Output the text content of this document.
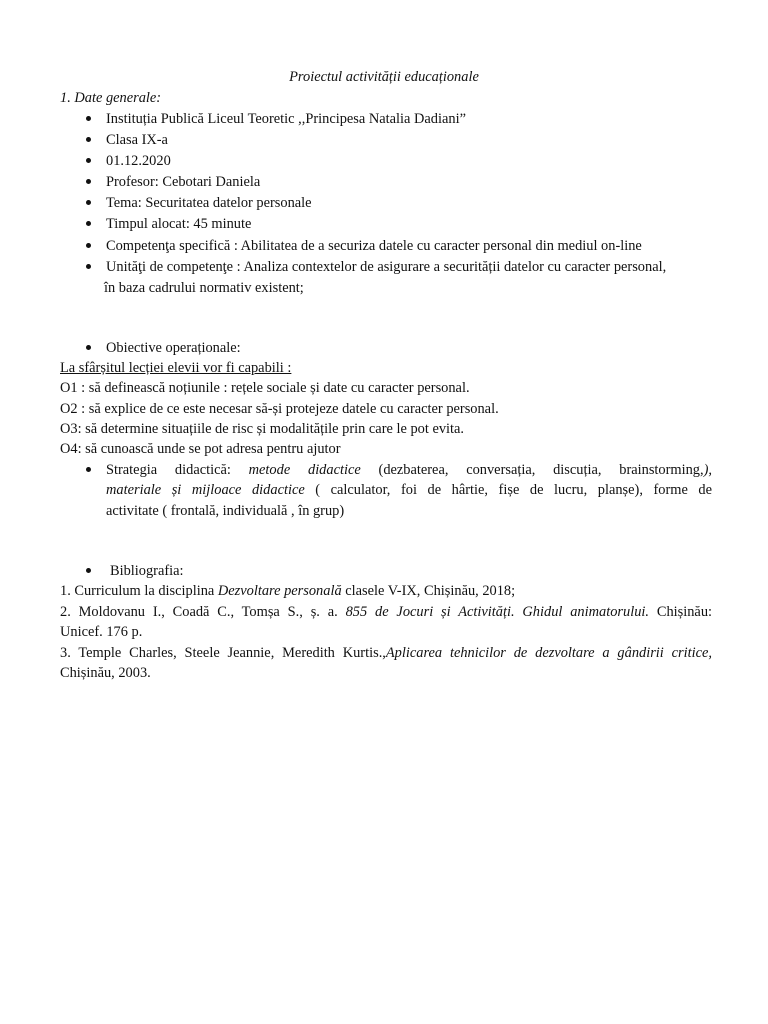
Proiectul activității educaționale
1. Date generale:
Instituția Publică Liceul Teoretic ,,Principesa Natalia Dadiani”
Clasa IX-a
01.12.2020
Profesor: Cebotari Daniela
Tema: Securitatea datelor personale
Timpul alocat: 45 minute
Competenţa specifică : Abilitatea de a securiza datele cu caracter personal din mediul on-line
Unităţi de competenţe : Analiza contextelor de asigurare a securității datelor cu caracter personal,
în baza cadrului normativ existent;
Obiective operaționale:
La sfârșitul lecției elevii vor fi capabili :
O1 : să definească noțiunile : rețele sociale și date cu caracter personal.
O2 : să explice de ce este necesar să-și protejeze datele cu caracter personal.
O3: să determine situațiile de risc și modalitățile prin care le pot evita.
O4: să cunoască unde se pot adresa pentru ajutor
Strategia didactică: metode didactice (dezbaterea, conversația, discuția, brainstorming,),
materiale și mijloace didactice ( calculator, foi de hârtie, fișe de lucru, planșe), forme de
activitate ( frontală, individuală , în grup)
Bibliografia:
1. Curriculum la disciplina Dezvoltare personală clasele V-IX, Chișinău, 2018;
2. Moldovanu I., Coadă C., Tomșa S., ș. a. 855 de Jocuri și Activități. Ghidul animatorului. Chișinău:
Unicef. 176 p.
3. Temple Charles, Steele Jeannie, Meredith Kurtis.,Aplicarea tehnicilor de dezvoltare a gândirii critice,
Chișinău, 2003.
